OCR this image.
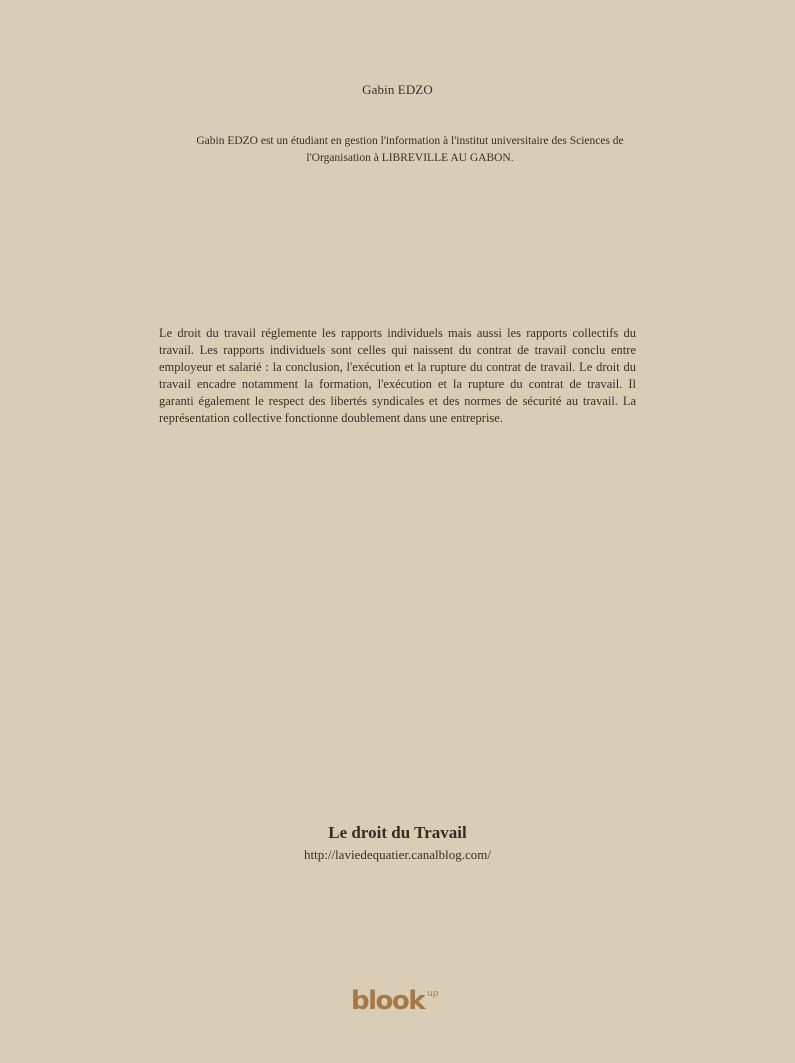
Gabin EDZO
Gabin EDZO est un étudiant en gestion l'information à l'institut universitaire des Sciences de l'Organisation à LIBREVILLE AU GABON.
Le droit du travail réglemente les rapports individuels mais aussi les rapports collectifs du travail. Les rapports individuels sont celles qui naissent du contrat de travail conclu entre employeur et salarié : la conclusion, l'exécution et la rupture du contrat de travail. Le droit du travail encadre notamment la formation, l'exécution et la rupture du contrat de travail. Il garanti également le respect des libertés syndicales et des normes de sécurité au travail. La représentation collective fonctionne doublement dans une entreprise.
Le droit du Travail
http://laviedequatier.canalblog.com/
blook up
